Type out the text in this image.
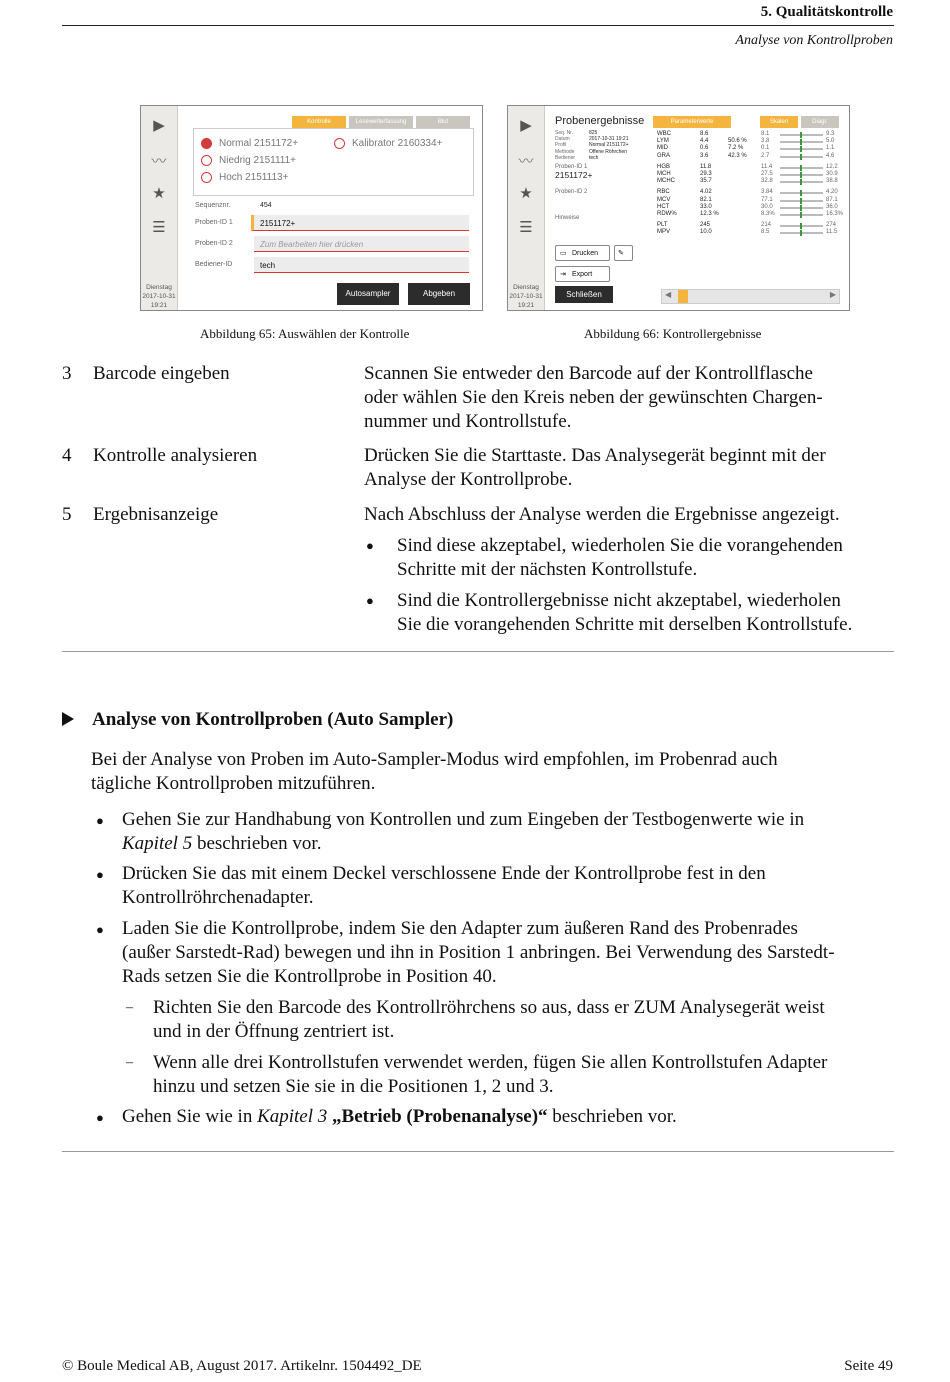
5. Qualitätskontrolle
Analyse von Kontrollproben
▶
〰
★
☰
Dienstag
2017-10-31
19:21
Kontrolle	Lesewerterfassung	Blut
Normal 2151172+
Niedrig 2151111+
Hoch 2151113+
Kalibrator 2160334+
Sequenznr.	454
Proben-ID 1	2151172+
Proben-ID 2	Zum Bearbeiten hier drücken
Bediener-ID	tech
Autosampler	Abgeben
▶
〰
★
☰
Dienstag
2017-10-31
19:21
Probenergebnisse	Parameterwerte	Skalen	Diagr.
Seq. Nr.	825
Datum	2017-10-31 19:21
Profil	Normal 2151172+
Methode	Offene Röhrchen
Bediener	tech
Proben-ID 1
2151172+
Proben-ID 2
Hinweise
WBC	8.6	8.1	9.3
LYM	4.4	50.6 % 3.8	5.0
MID	0.6	7.2 %	0.1	1.1
GRA	3.6	42.3 % 2.7	4.6
HGB	11.8	11.4	12.2
MCH	29.3	27.5	30.9
MCHC	35.7	32.8	38.8
RBC	4.02	3.84	4.20
MCV	82.1	77.1	87.1
HCT	33.0	30.0	36.0
RDW%	12.3 %	8.3%	16.3%
PLT	245	214	274
MPV	10.0	8.5	11.5
▭ Drucken	✎
⇥ Export
Schließen	◀	▶
Abbildung 65: Auswählen der Kontrolle	Abbildung 66: Kontrollergebnisse
3 Barcode eingeben	Scannen Sie entweder den Barcode auf der Kontrollflasche
oder wählen Sie den Kreis neben der gewünschten Chargen-
nummer und Kontrollstufe.
4 Kontrolle analysieren	Drücken Sie die Starttaste. Das Analysegerät beginnt mit der
Analyse der Kontrollprobe.
5 Ergebnisanzeige	Nach Abschluss der Analyse werden die Ergebnisse angezeigt.
● Sind diese akzeptabel, wiederholen Sie die vorangehenden
Schritte mit der nächsten Kontrollstufe.
● Sind die Kontrollergebnisse nicht akzeptabel, wiederholen
Sie die vorangehenden Schritte mit derselben Kontrollstufe.
Analyse von Kontrollproben (Auto Sampler)
Bei der Analyse von Proben im Auto-Sampler-Modus wird empfohlen, im Probenrad auch
tägliche Kontrollproben mitzuführen.
● Gehen Sie zur Handhabung von Kontrollen und zum Eingeben der Testbogenwerte wie in
Kapitel 5 beschrieben vor.
● Drücken Sie das mit einem Deckel verschlossene Ende der Kontrollprobe fest in den
Kontrollröhrchenadapter.
● Laden Sie die Kontrollprobe, indem Sie den Adapter zum äußeren Rand des Probenrades
(außer Sarstedt-Rad) bewegen und ihn in Position 1 anbringen. Bei Verwendung des Sarstedt-
Rads setzen Sie die Kontrollprobe in Position 40.
– Richten Sie den Barcode des Kontrollröhrchens so aus, dass er ZUM Analysegerät weist
und in der Öffnung zentriert ist.
– Wenn alle drei Kontrollstufen verwendet werden, fügen Sie allen Kontrollstufen Adapter
hinzu und setzen Sie sie in die Positionen 1, 2 und 3.
● Gehen Sie wie in Kapitel 3 „Betrieb (Probenanalyse)“ beschrieben vor.
© Boule Medical AB, August 2017. Artikelnr. 1504492_DE	Seite 49
